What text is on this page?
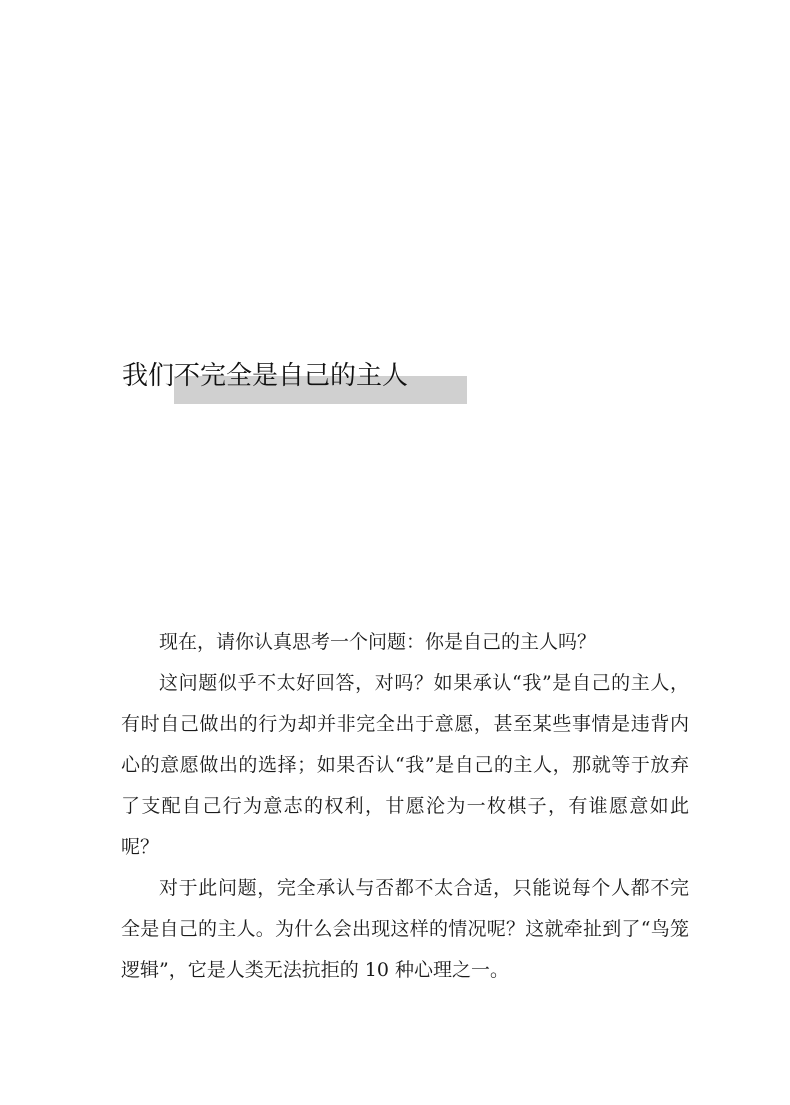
我们不完全是自己的主人

现在，请你认真思考一个问题：你是自己的主人吗？

这问题似乎不太好回答，对吗？如果承认“我”是自己的主人，有时自己做出的行为却并非完全出于意愿，甚至某些事情是违背内心的意愿做出的选择；如果否认“我”是自己的主人，那就等于放弃了支配自己行为意志的权利，甘愿沦为一枚棋子，有谁愿意如此呢？

对于此问题，完全承认与否都不太合适，只能说每个人都不完全是自己的主人。为什么会出现这样的情况呢？这就牵扯到了“鸟笼逻辑”，它是人类无法抗拒的 10 种心理之一。
